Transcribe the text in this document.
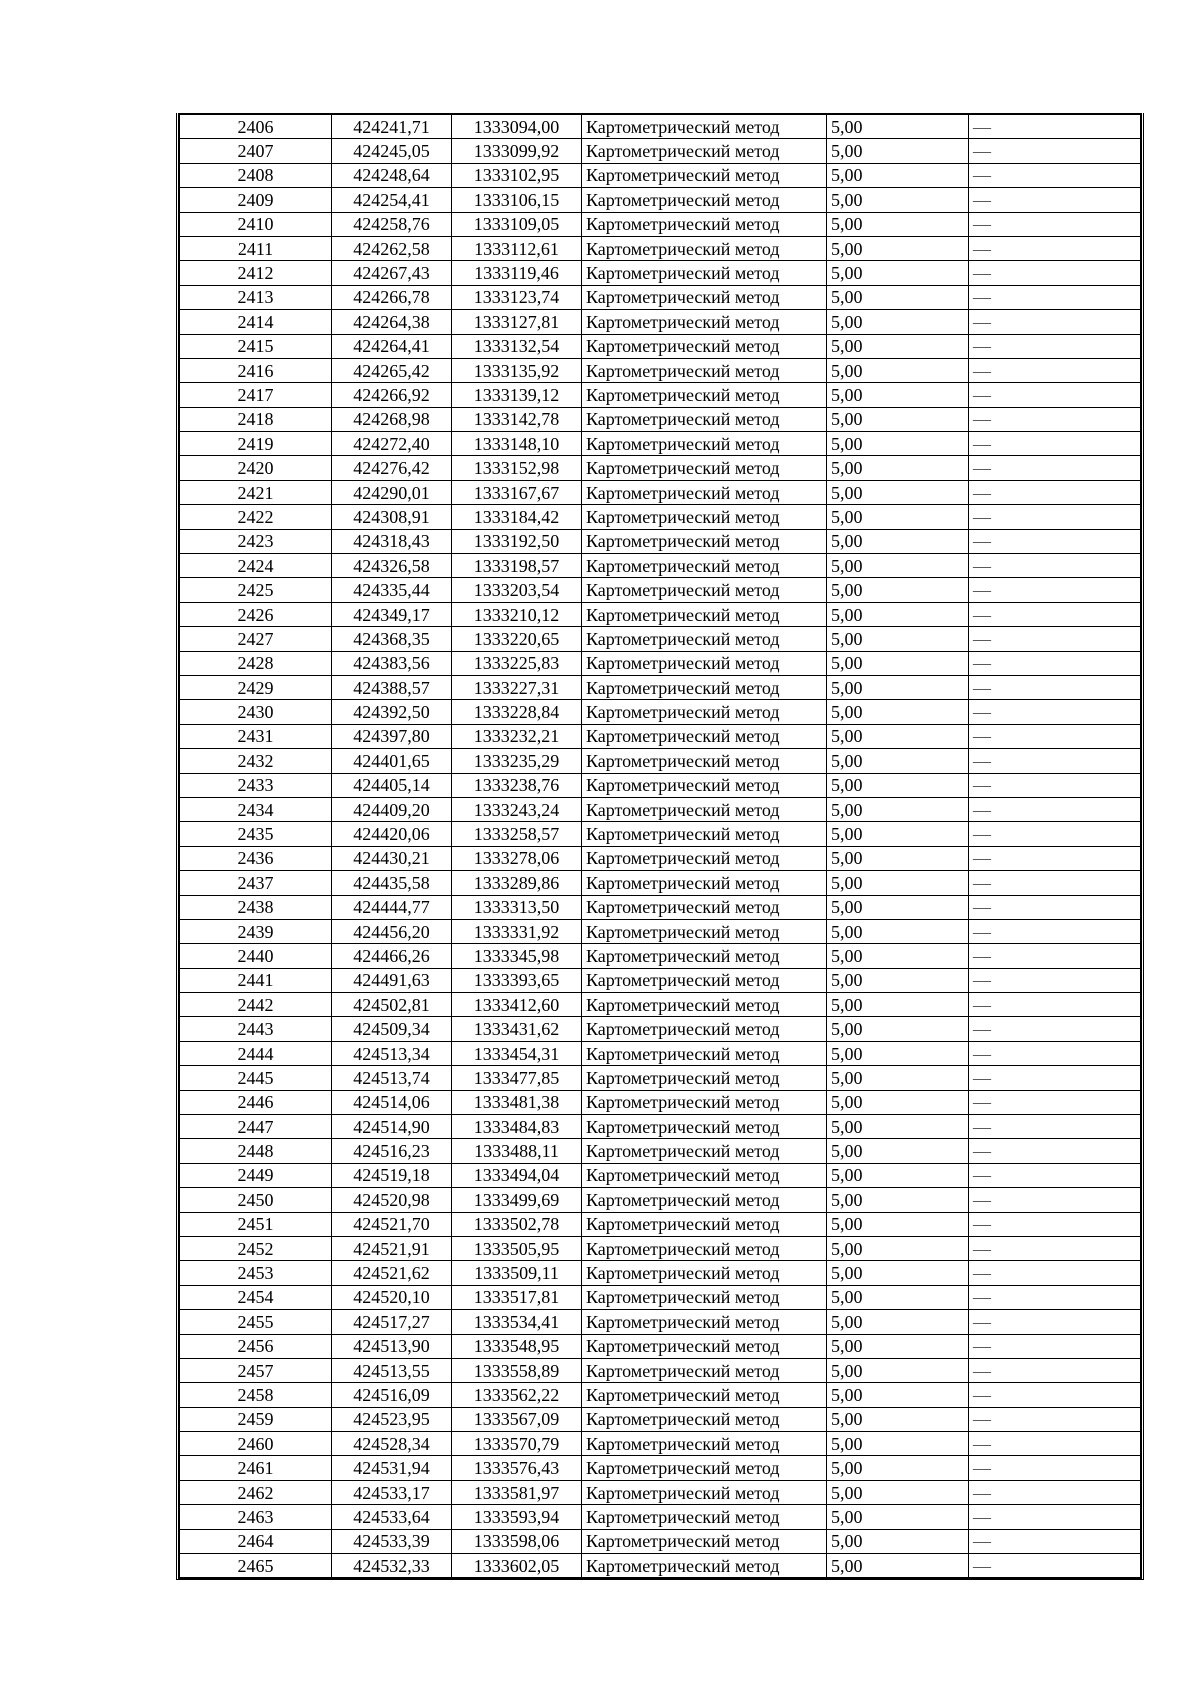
2406	424241,71	1333094,00	Картометрический метод	5,00	—
2407	424245,05	1333099,92	Картометрический метод	5,00	—
2408	424248,64	1333102,95	Картометрический метод	5,00	—
2409	424254,41	1333106,15	Картометрический метод	5,00	—
2410	424258,76	1333109,05	Картометрический метод	5,00	—
2411	424262,58	1333112,61	Картометрический метод	5,00	—
2412	424267,43	1333119,46	Картометрический метод	5,00	—
2413	424266,78	1333123,74	Картометрический метод	5,00	—
2414	424264,38	1333127,81	Картометрический метод	5,00	—
2415	424264,41	1333132,54	Картометрический метод	5,00	—
2416	424265,42	1333135,92	Картометрический метод	5,00	—
2417	424266,92	1333139,12	Картометрический метод	5,00	—
2418	424268,98	1333142,78	Картометрический метод	5,00	—
2419	424272,40	1333148,10	Картометрический метод	5,00	—
2420	424276,42	1333152,98	Картометрический метод	5,00	—
2421	424290,01	1333167,67	Картометрический метод	5,00	—
2422	424308,91	1333184,42	Картометрический метод	5,00	—
2423	424318,43	1333192,50	Картометрический метод	5,00	—
2424	424326,58	1333198,57	Картометрический метод	5,00	—
2425	424335,44	1333203,54	Картометрический метод	5,00	—
2426	424349,17	1333210,12	Картометрический метод	5,00	—
2427	424368,35	1333220,65	Картометрический метод	5,00	—
2428	424383,56	1333225,83	Картометрический метод	5,00	—
2429	424388,57	1333227,31	Картометрический метод	5,00	—
2430	424392,50	1333228,84	Картометрический метод	5,00	—
2431	424397,80	1333232,21	Картометрический метод	5,00	—
2432	424401,65	1333235,29	Картометрический метод	5,00	—
2433	424405,14	1333238,76	Картометрический метод	5,00	—
2434	424409,20	1333243,24	Картометрический метод	5,00	—
2435	424420,06	1333258,57	Картометрический метод	5,00	—
2436	424430,21	1333278,06	Картометрический метод	5,00	—
2437	424435,58	1333289,86	Картометрический метод	5,00	—
2438	424444,77	1333313,50	Картометрический метод	5,00	—
2439	424456,20	1333331,92	Картометрический метод	5,00	—
2440	424466,26	1333345,98	Картометрический метод	5,00	—
2441	424491,63	1333393,65	Картометрический метод	5,00	—
2442	424502,81	1333412,60	Картометрический метод	5,00	—
2443	424509,34	1333431,62	Картометрический метод	5,00	—
2444	424513,34	1333454,31	Картометрический метод	5,00	—
2445	424513,74	1333477,85	Картометрический метод	5,00	—
2446	424514,06	1333481,38	Картометрический метод	5,00	—
2447	424514,90	1333484,83	Картометрический метод	5,00	—
2448	424516,23	1333488,11	Картометрический метод	5,00	—
2449	424519,18	1333494,04	Картометрический метод	5,00	—
2450	424520,98	1333499,69	Картометрический метод	5,00	—
2451	424521,70	1333502,78	Картометрический метод	5,00	—
2452	424521,91	1333505,95	Картометрический метод	5,00	—
2453	424521,62	1333509,11	Картометрический метод	5,00	—
2454	424520,10	1333517,81	Картометрический метод	5,00	—
2455	424517,27	1333534,41	Картометрический метод	5,00	—
2456	424513,90	1333548,95	Картометрический метод	5,00	—
2457	424513,55	1333558,89	Картометрический метод	5,00	—
2458	424516,09	1333562,22	Картометрический метод	5,00	—
2459	424523,95	1333567,09	Картометрический метод	5,00	—
2460	424528,34	1333570,79	Картометрический метод	5,00	—
2461	424531,94	1333576,43	Картометрический метод	5,00	—
2462	424533,17	1333581,97	Картометрический метод	5,00	—
2463	424533,64	1333593,94	Картометрический метод	5,00	—
2464	424533,39	1333598,06	Картометрический метод	5,00	—
2465	424532,33	1333602,05	Картометрический метод	5,00	—
